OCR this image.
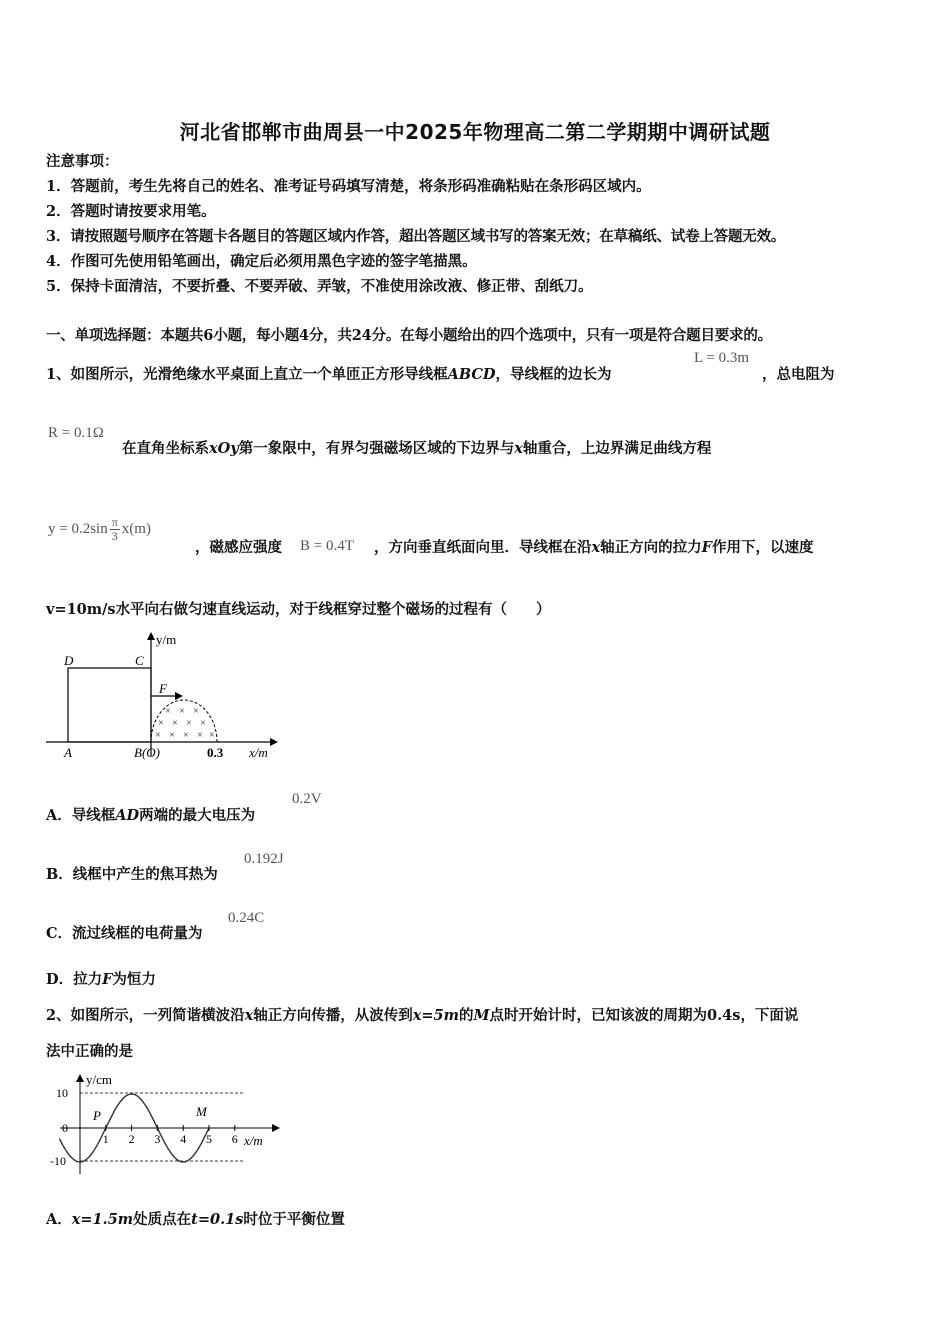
河北省邯郸市曲周县一中2025年物理高二第二学期期中调研试题
注意事项：
1．答题前，考生先将自己的姓名、准考证号码填写清楚，将条形码准确粘贴在条形码区域内。
2．答题时请按要求用笔。
3．请按照题号顺序在答题卡各题目的答题区域内作答，超出答题区域书写的答案无效；在草稿纸、试卷上答题无效。
4．作图可先使用铅笔画出，确定后必须用黑色字迹的签字笔描黑。
5．保持卡面清洁，不要折叠、不要弄破、弄皱，不准使用涂改液、修正带、刮纸刀。
一、单项选择题：本题共6小题，每小题4分，共24分。在每小题给出的四个选项中，只有一项是符合题目要求的。
1、如图所示，光滑绝缘水平桌面上直立一个单匝正方形导线框ABCD，导线框的边长为
L = 0.3m
，总电阻为
R = 0.1Ω
在直角坐标系xOy第一象限中，有界匀强磁场区域的下边界与x轴重合，上边界满足曲线方程
$y = 0.2\sin \frac{\pi}{3} x(m)$
，磁感应强度 B = 0.4T ，方向垂直纸面向里．导线框在沿x轴正方向的拉力F作用下，以速度
v=10m/s水平向右做匀速直线运动，对于线框穿过整个磁场的过程有（　　）
× × ×
× × × ×
× × × × ×
D	C
A	B(O)
y/m
x/m
F
0.3
A．导线框AD两端的最大电压为
0.2V
B．线框中产生的焦耳热为
0.192J
C．流过线框的电荷量为
0.24C
D．拉力F为恒力
2、如图所示，一列简谐横波沿x轴正方向传播，从波传到x=5m的M点时开始计时，已知该波的周期为0.4s，下面说
法中正确的是
1 2 3 4 5 6
y/cm
x/m
10
0
-10
P	M
A．x=1.5m处质点在t=0.1s时位于平衡位置
